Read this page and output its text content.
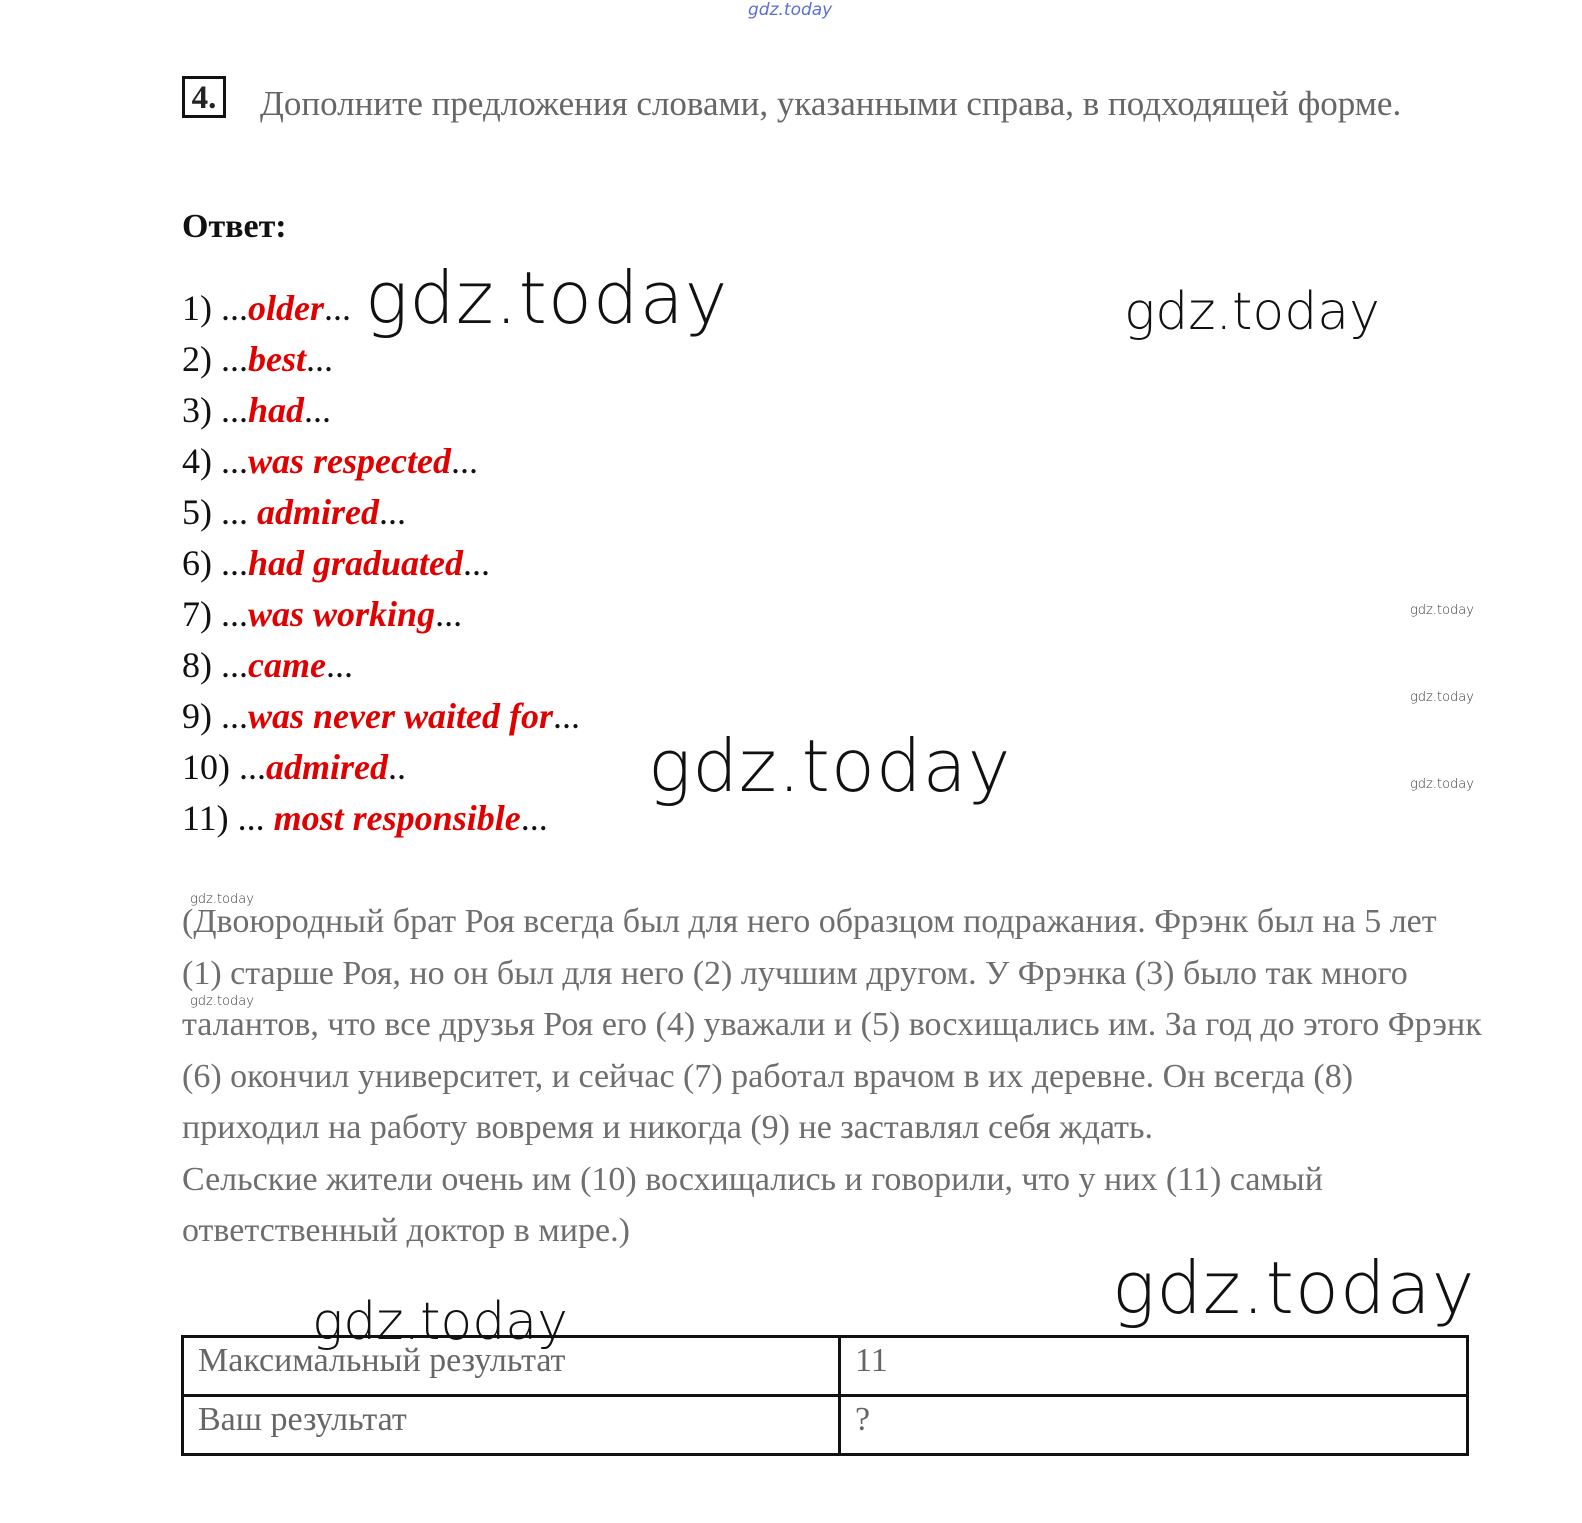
gdz.today
4.	Дополните предложения словами, указанными справа, в подходящей форме.
Ответ:
1) ...older...
2) ...best...
3) ...had...
4) ...was respected...
5) ... admired...
6) ...had graduated...
7) ...was working...
8) ...came...
9) ...was never waited for...
10) ...admired..
11) ... most responsible...

(Двоюродный брат Роя всегда был для него образцом подражания. Фрэнк был на 5 лет (1) старше Роя, но он был для него (2) лучшим другом. У Фрэнка (3) было так много талантов, что все друзья Роя его (4) уважали и (5) восхищались им. За год до этого Фрэнк (6) окончил университет, и сейчас (7) работал врачом в их деревне. Он всегда (8) приходил на работу вовремя и никогда (9) не заставлял себя ждать.

Сельские жители очень им (10) восхищались и говорили, что у них (11) самый ответственный доктор в мире.)

Максимальный результат	11
Ваш результат	?
gdz.today	gdz.today
gdz.today
gdz.today
gdz.today
gdz.today
gdz.today
gdz.today
gdz.today
gdz.today
